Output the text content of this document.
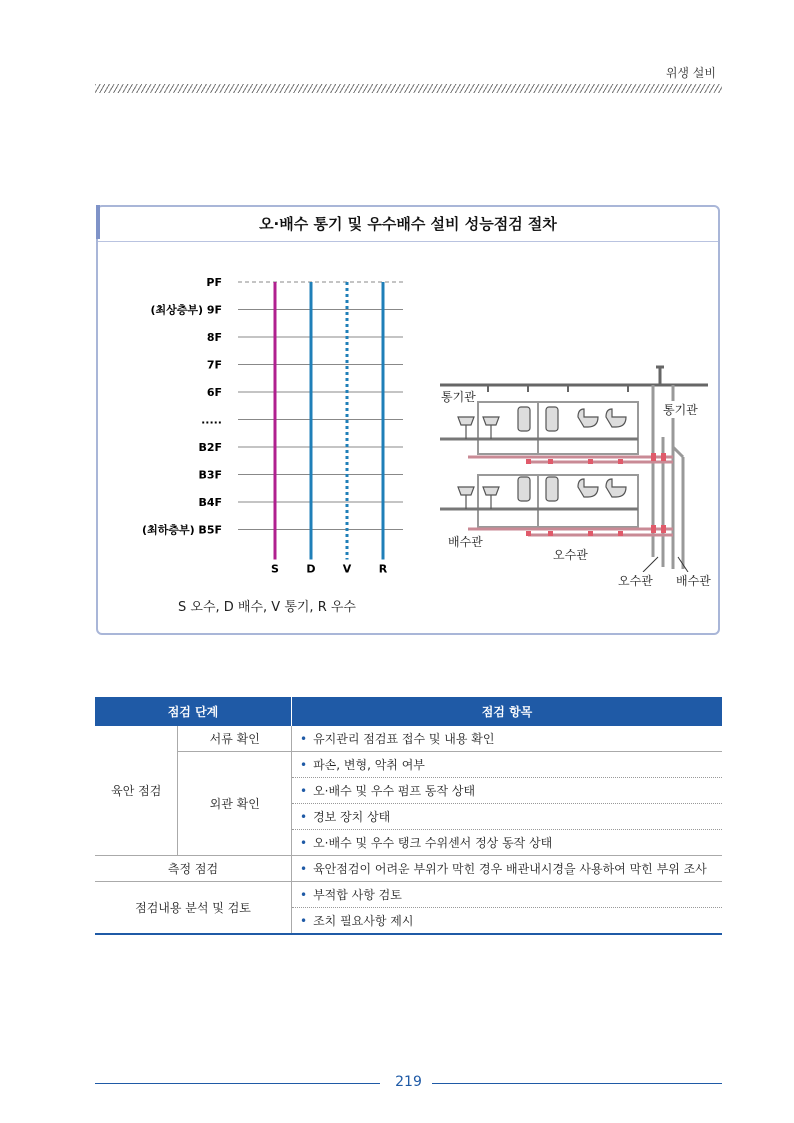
위생 설비
오·배수 통기 및 우수배수 설비 성능점검 절차
PF
(최상층부) 9F
8F
7F
6F
.....
B2F
B3F
B4F
(최하층부) B5F
S D V	R
S 오수, D 배수, V 통기, R 우수
통기관
통기관
배수관
오수관
오수관 배수관
점검 단계		점검 항목
육안 점검	서류 확인	• 유지관리 점검표 접수 및 내용 확인
	외관 확인	• 파손, 변형, 악취 여부
		• 오·배수 및 우수 펌프 동작 상태
		• 경보 장치 상태
		• 오·배수 및 우수 탱크 수위센서 정상 동작 상태
측정 점검		• 육안점검이 어려운 부위가 막힌 경우 배관내시경을 사용하여 막힌 부위 조사
점검내용 분석 및 검토		• 부적합 사항 검토
		• 조치 필요사항 제시
219
